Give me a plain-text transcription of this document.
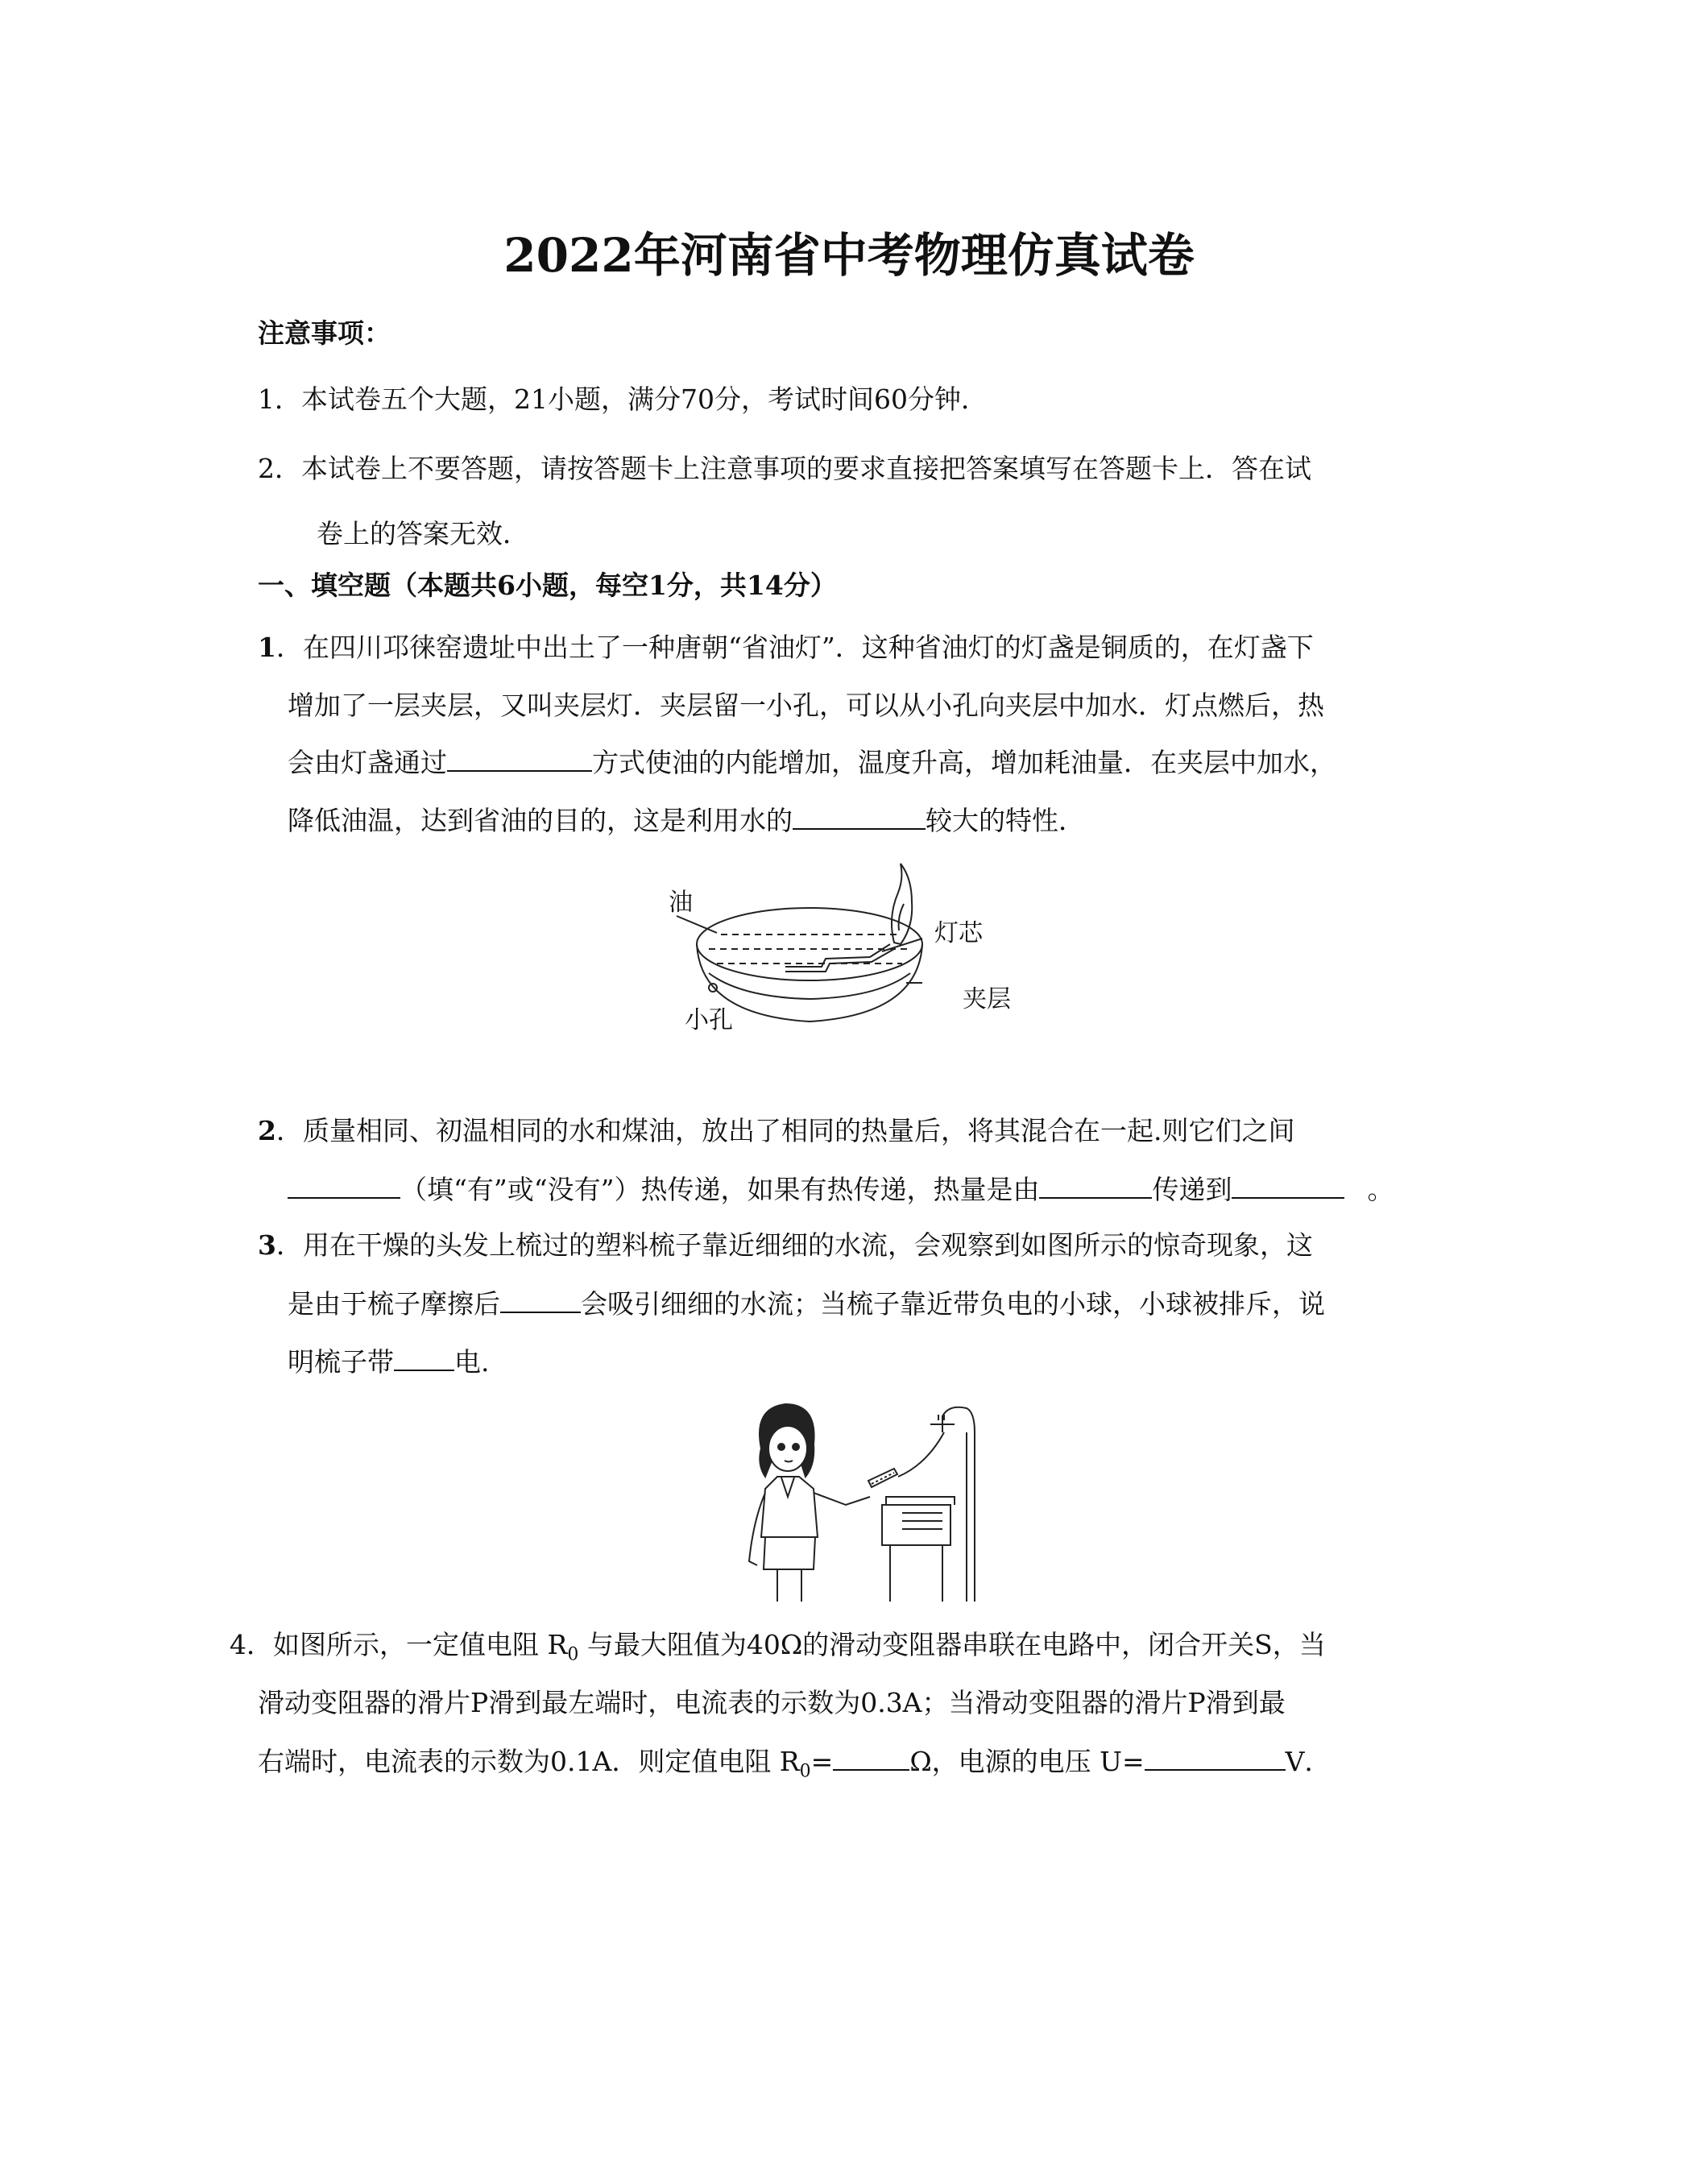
2022年河南省中考物理仿真试卷
注意事项：
1．本试卷五个大题，21小题，满分70分，考试时间60分钟．
2．本试卷上不要答题，请按答题卡上注意事项的要求直接把答案填写在答题卡上．答在试
卷上的答案无效．
一、填空题（本题共6小题，每空1分，共14分）
1．在四川邛徕窑遗址中出土了一种唐朝“省油灯”．这种省油灯的灯盏是铜质的，在灯盏下
增加了一层夹层，又叫夹层灯．夹层留一小孔，可以从小孔向夹层中加水．灯点燃后，热
会由灯盏通过	方式使油的内能增加，温度升高，增加耗油量．在夹层中加水，
降低油温，达到省油的目的，这是利用水的	较大的特性．
油
灯芯
小孔
夹层
2．质量相同、初温相同的水和煤油，放出了相同的热量后，将其混合在一起.则它们之间
（填“有”或“没有”）热传递，如果有热传递，热量是由	传递到	。
3．用在干燥的头发上梳过的塑料梳子靠近细细的水流，会观察到如图所示的惊奇现象，这
是由于梳子摩擦后	会吸引细细的水流；当梳子靠近带负电的小球，小球被排斥，说
明梳子带 电.
4．如图所示，一定值电阻 $R_0$ 与最大阻值为40Ω的滑动变阻器串联在电路中，闭合开关S，当
滑动变阻器的滑片P滑到最左端时，电流表的示数为0.3A；当滑动变阻器的滑片P滑到最
右端时，电流表的示数为0.1A．则定值电阻 $R_0=$	Ω，电源的电压 U=	V．
